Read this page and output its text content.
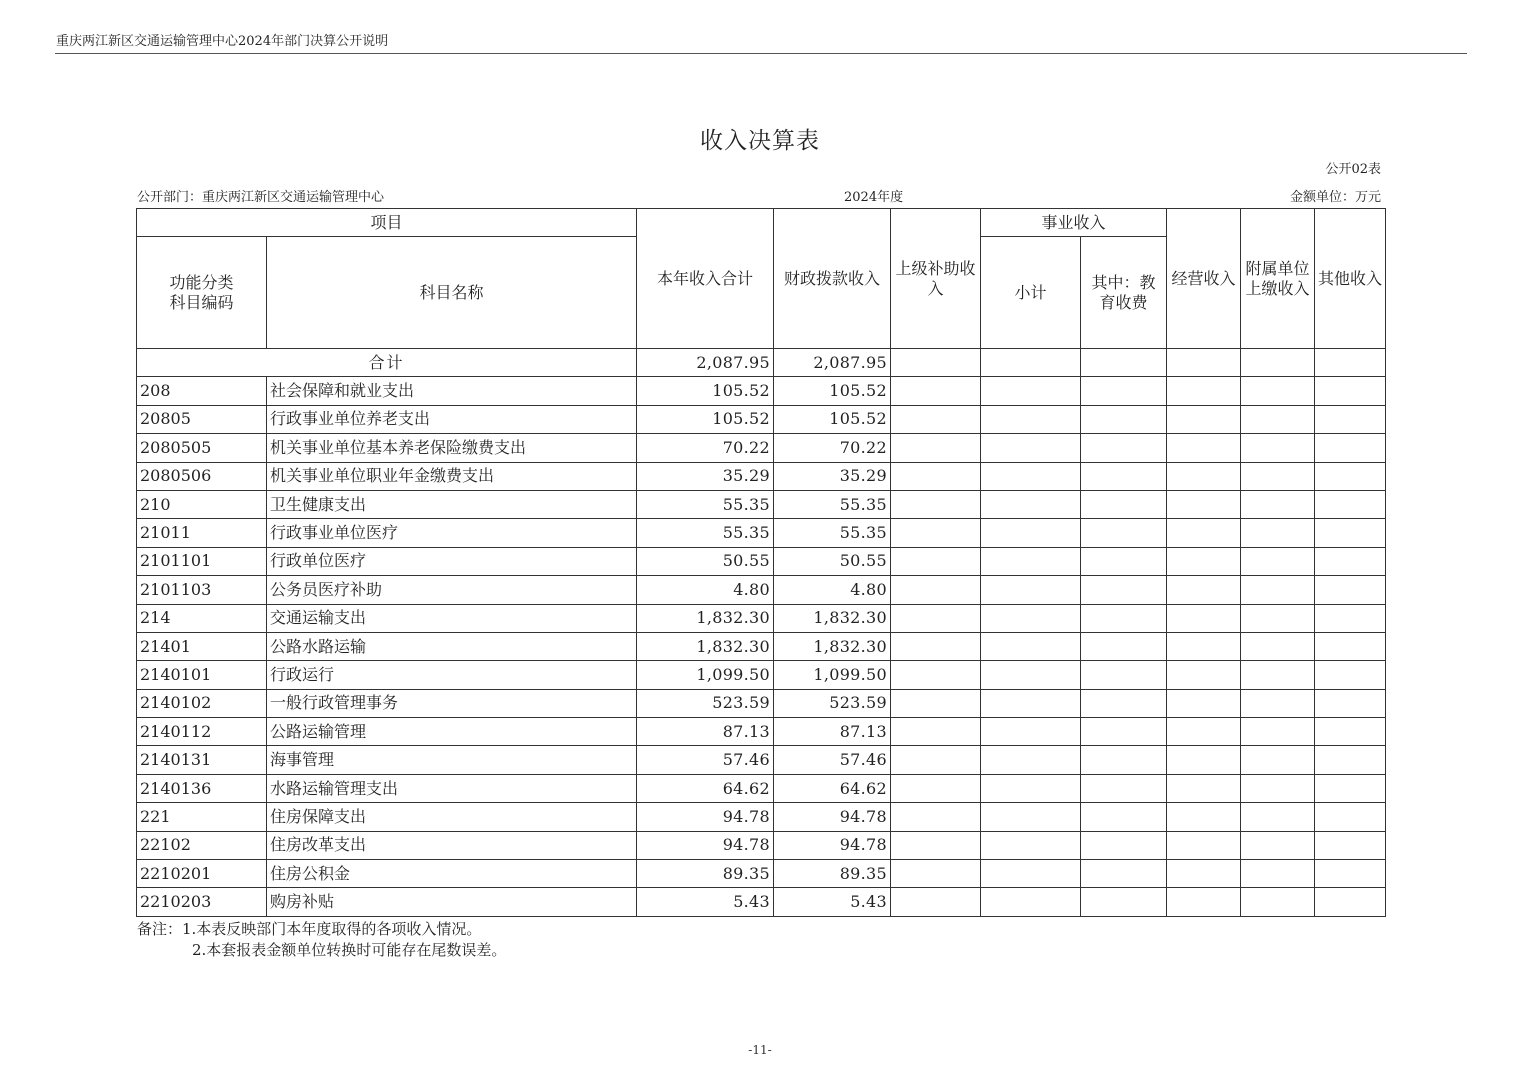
重庆两江新区交通运输管理中心2024年部门决算公开说明
收入决算表
公开02表
公开部门：重庆两江新区交通运输管理中心	2024年度	金额单位：万元
项目		本年收入合计	财政拨款收入	上级补助收入	事业收入		经营收入	附属单位上缴收入	其他收入
功能分类
科目编码	科目名称				小计	其中：教育收费			
合计		2,087.95	2,087.95						
208	社会保障和就业支出	105.52	105.52						
20805	行政事业单位养老支出	105.52	105.52						
2080505	机关事业单位基本养老保险缴费支出	70.22	70.22						
2080506	机关事业单位职业年金缴费支出	35.29	35.29						
210	卫生健康支出	55.35	55.35						
21011	行政事业单位医疗	55.35	55.35						
2101101	行政单位医疗	50.55	50.55						
2101103	公务员医疗补助	4.80	4.80						
214	交通运输支出	1,832.30	1,832.30						
21401	公路水路运输	1,832.30	1,832.30						
2140101	行政运行	1,099.50	1,099.50						
2140102	一般行政管理事务	523.59	523.59						
2140112	公路运输管理	87.13	87.13						
2140131	海事管理	57.46	57.46						
2140136	水路运输管理支出	64.62	64.62						
221	住房保障支出	94.78	94.78						
22102	住房改革支出	94.78	94.78						
2210201	住房公积金	89.35	89.35						
2210203	购房补贴	5.43	5.43						
备注：1.本表反映部门本年度取得的各项收入情况。
2.本套报表金额单位转换时可能存在尾数误差。
-11-
